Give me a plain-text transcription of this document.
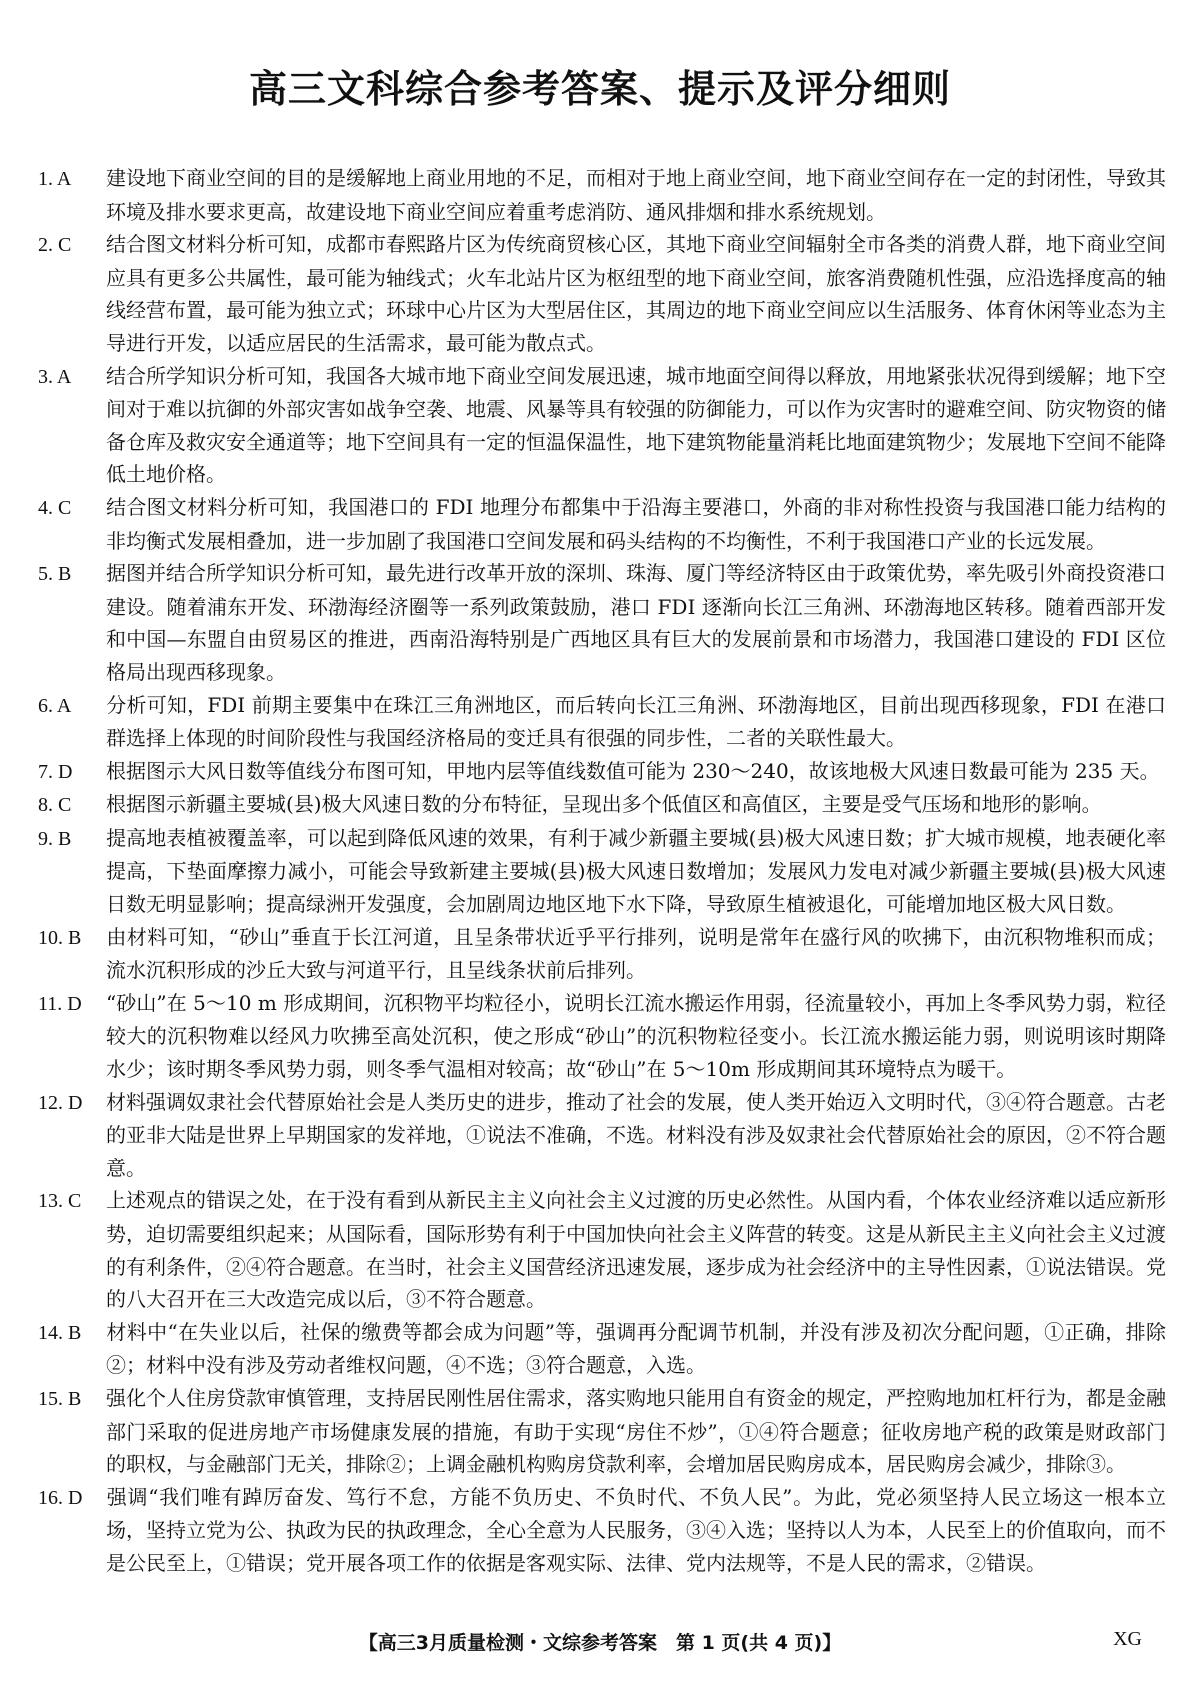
高三文科综合参考答案、提示及评分细则
1. A 建设地下商业空间的目的是缓解地上商业用地的不足，而相对于地上商业空间，地下商业空间存在一定的封闭性，导致其环境及排水要求更高，故建设地下商业空间应着重考虑消防、通风排烟和排水系统规划。
2. C 结合图文材料分析可知，成都市春熙路片区为传统商贸核心区，其地下商业空间辐射全市各类的消费人群，地下商业空间应具有更多公共属性，最可能为轴线式；火车北站片区为枢纽型的地下商业空间，旅客消费随机性强，应沿选择度高的轴线经营布置，最可能为独立式；环球中心片区为大型居住区，其周边的地下商业空间应以生活服务、体育休闲等业态为主导进行开发，以适应居民的生活需求，最可能为散点式。
3. A 结合所学知识分析可知，我国各大城市地下商业空间发展迅速，城市地面空间得以释放，用地紧张状况得到缓解；地下空间对于难以抗御的外部灾害如战争空袭、地震、风暴等具有较强的防御能力，可以作为灾害时的避难空间、防灾物资的储备仓库及救灾安全通道等；地下空间具有一定的恒温保温性，地下建筑物能量消耗比地面建筑物少；发展地下空间不能降低土地价格。
4. C 结合图文材料分析可知，我国港口的 FDI 地理分布都集中于沿海主要港口，外商的非对称性投资与我国港口能力结构的非均衡式发展相叠加，进一步加剧了我国港口空间发展和码头结构的不均衡性，不利于我国港口产业的长远发展。
5. B 据图并结合所学知识分析可知，最先进行改革开放的深圳、珠海、厦门等经济特区由于政策优势，率先吸引外商投资港口建设。随着浦东开发、环渤海经济圈等一系列政策鼓励，港口 FDI 逐渐向长江三角洲、环渤海地区转移。随着西部开发和中国—东盟自由贸易区的推进，西南沿海特别是广西地区具有巨大的发展前景和市场潜力，我国港口建设的 FDI 区位格局出现西移现象。
6. A 分析可知，FDI 前期主要集中在珠江三角洲地区，而后转向长江三角洲、环渤海地区，目前出现西移现象，FDI 在港口群选择上体现的时间阶段性与我国经济格局的变迁具有很强的同步性，二者的关联性最大。
7. D 根据图示大风日数等值线分布图可知，甲地内层等值线数值可能为 230～240，故该地极大风速日数最可能为 235 天。
8. C 根据图示新疆主要城(县)极大风速日数的分布特征，呈现出多个低值区和高值区，主要是受气压场和地形的影响。
9. B 提高地表植被覆盖率，可以起到降低风速的效果，有利于减少新疆主要城(县)极大风速日数；扩大城市规模，地表硬化率提高，下垫面摩擦力减小，可能会导致新建主要城(县)极大风速日数增加；发展风力发电对减少新疆主要城(县)极大风速日数无明显影响；提高绿洲开发强度，会加剧周边地区地下水下降，导致原生植被退化，可能增加地区极大风日数。
10. B 由材料可知，“砂山”垂直于长江河道，且呈条带状近乎平行排列，说明是常年在盛行风的吹拂下，由沉积物堆积而成；流水沉积形成的沙丘大致与河道平行，且呈线条状前后排列。
11. D “砂山”在 5～10 m 形成期间，沉积物平均粒径小，说明长江流水搬运作用弱，径流量较小，再加上冬季风势力弱，粒径较大的沉积物难以经风力吹拂至高处沉积，使之形成“砂山”的沉积物粒径变小。长江流水搬运能力弱，则说明该时期降水少；该时期冬季风势力弱，则冬季气温相对较高；故“砂山”在 5～10m 形成期间其环境特点为暖干。
12. D 材料强调奴隶社会代替原始社会是人类历史的进步，推动了社会的发展，使人类开始迈入文明时代，③④符合题意。古老的亚非大陆是世界上早期国家的发祥地，①说法不准确，不选。材料没有涉及奴隶社会代替原始社会的原因，②不符合题意。
13. C 上述观点的错误之处，在于没有看到从新民主主义向社会主义过渡的历史必然性。从国内看，个体农业经济难以适应新形势，迫切需要组织起来；从国际看，国际形势有利于中国加快向社会主义阵营的转变。这是从新民主主义向社会主义过渡的有利条件，②④符合题意。在当时，社会主义国营经济迅速发展，逐步成为社会经济中的主导性因素，①说法错误。党的八大召开在三大改造完成以后，③不符合题意。
14. B 材料中“在失业以后，社保的缴费等都会成为问题”等，强调再分配调节机制，并没有涉及初次分配问题，①正确，排除②；材料中没有涉及劳动者维权问题，④不选；③符合题意，入选。
15. B 强化个人住房贷款审慎管理，支持居民刚性居住需求，落实购地只能用自有资金的规定，严控购地加杠杆行为，都是金融部门采取的促进房地产市场健康发展的措施，有助于实现“房住不炒”，①④符合题意；征收房地产税的政策是财政部门的职权，与金融部门无关，排除②；上调金融机构购房贷款利率，会增加居民购房成本，居民购房会减少，排除③。
16. D 强调“我们唯有踔厉奋发、笃行不怠，方能不负历史、不负时代、不负人民”。为此，党必须坚持人民立场这一根本立场，坚持立党为公、执政为民的执政理念，全心全意为人民服务，③④入选；坚持以人为本，人民至上的价值取向，而不是公民至上，①错误；党开展各项工作的依据是客观实际、法律、党内法规等，不是人民的需求，②错误。
【高三3月质量检测・文综参考答案　第 1 页(共 4 页)】	XG
